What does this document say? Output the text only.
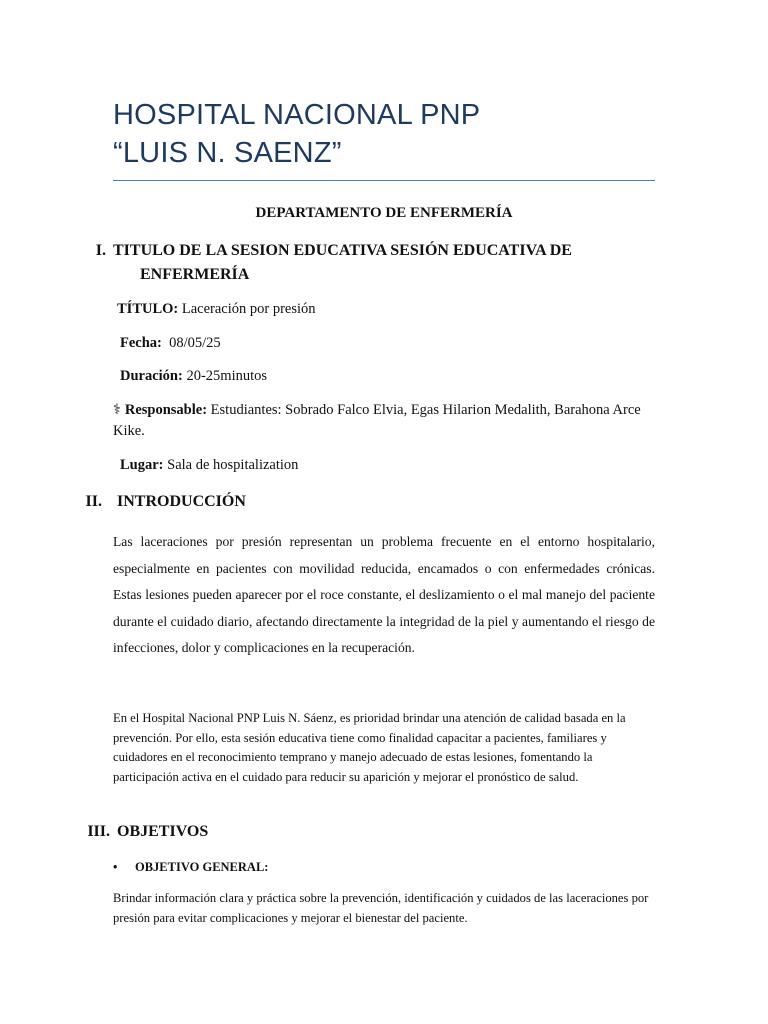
HOSPITAL NACIONAL PNP
“LUIS N. SAENZ”
DEPARTAMENTO DE ENFERMERÍA
I. TITULO DE LA SESION EDUCATIVA SESIÓN EDUCATIVA DE
ENFERMERÍA
TÍTULO: Laceración por presión
Fecha:  08/05/25
Duración: 20-25minutos
⚕ Responsable: Estudiantes: Sobrado Falco Elvia, Egas Hilarion Medalith, Barahona Arce Kike.
Lugar: Sala de hospitalization
II. INTRODUCCIÓN
Las laceraciones por presión representan un problema frecuente en el entorno hospitalario, especialmente en pacientes con movilidad reducida, encamados o con enfermedades crónicas. Estas lesiones pueden aparecer por el roce constante, el deslizamiento o el mal manejo del paciente durante el cuidado diario, afectando directamente la integridad de la piel y aumentando el riesgo de infecciones, dolor y complicaciones en la recuperación.
En el Hospital Nacional PNP Luis N. Sáenz, es prioridad brindar una atención de calidad basada en la prevención. Por ello, esta sesión educativa tiene como finalidad capacitar a pacientes, familiares y cuidadores en el reconocimiento temprano y manejo adecuado de estas lesiones, fomentando la participación activa en el cuidado para reducir su aparición y mejorar el pronóstico de salud.
III. OBJETIVOS
• OBJETIVO GENERAL:
Brindar información clara y práctica sobre la prevención, identificación y cuidados de las laceraciones por presión para evitar complicaciones y mejorar el bienestar del paciente.
